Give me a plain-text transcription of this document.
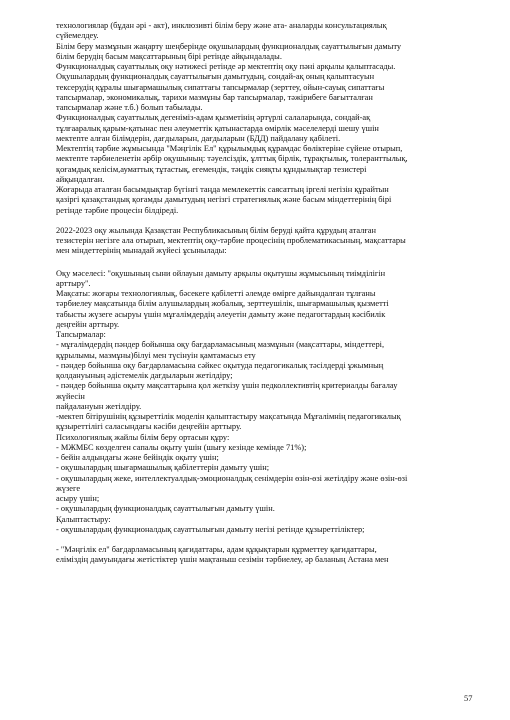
технологиялар (бұдан әрі - акт), инклюзивті білім беру және ата- аналарды консультациялық
сүйемелдеу.

Білім беру мазмұнын жаңарту шеңберінде оқушылардың функционалдық сауаттылығын дамыту
білім берудің басым мақсаттарының бірі ретінде айқындалады.

Функционалдық сауаттылық оқу нәтижесі ретінде әр мектептің оқу пәні арқылы қалыптасады.
Оқушылардың функционалдық сауаттылығын дамытудың, сондай-ақ оның қалыптасуын
тексерудің құралы шығармашылық сипаттағы тапсырмалар (зерттеу, ойын-сауық сипаттағы
тапсырмалар, экономикалық, тарихи мазмұны бар тапсырмалар, тәжірибеге бағытталған
тапсырмалар және т.б.) болып табылады.

Функционалдық сауаттылық дегеніміз-адам қызметінің әртүрлі салаларында, сондай-ақ
тұлғааралық қарым-қатынас пен әлеуметтік қатынастарда өмірлік мәселелерді шешу үшін
мектепте алған білімдерін, дағдыларын, дағдыларын (БДД) пайдалану қабілеті.

Мектептің тәрбие жұмысында "Мәңгілік Ел" құрылымдық құрамдас бөліктеріне сүйене отырып,
мектепте тәрбиеленетін әрбір оқушының: тәуелсіздік, ұлттық бірлік, тұрақтылық, толеранттылық,
қоғамдық келісім,ауматтық тұтастық, егемендік, тәңдік сияқты құндылықтар тезистері
айқындалған.

Жоғарыда аталған басымдықтар бүгінгі таңда мемлекеттік саясаттың іргелі негізін құрайтын
қазіргі қазақстандық қоғамды дамытудың негізгі стратегиялық және басым міндеттерінің бірі
ретінде тәрбие процесін білдіреді.

2022-2023 оқу жылында Қазақстан Республикасының білім беруді қайта құрудың аталған
тезистерін негізге ала отырып, мектептің оқу-тәрбие процесінің проблематикасының, мақсаттары
мен міндеттерінің мынадай жүйесі ұсынылады:

Оқу мәселесі: "оқушының сыни ойлауын дамыту арқылы оқытушы жұмысының тиімділігін
арттыру".

Мақсаты: жоғары технологиялық, бәсекеге қабілетті әлемде өмірге дайындалған тұлғаны
тәрбиелеу мақсатында білім алушылардың жобалық, зерттеушілік, шығармашылық қызметті
табысты жүзеге асыруы үшін мұғалімдердің әлеуетін дамыту және педагогтардың кәсібилік
деңгейін арттыру.

Тапсырмалар:

- мұғалімдердің пәндер бойынша оқу бағдарламасының мазмұнын (мақсаттары, міндеттері,
құрылымы, мазмұны)білуі мен түсінуін қамтамасыз ету

- пәндер бойынша оқу бағдарламасына сәйкес оқытуда педагогикалық тәсілдерді ұжымның
қолдануының әдістемелік дағдыларын жетілдіру;

- пәндер бойынша оқыту мақсаттарына қол жеткізу үшін педколлективтің критериалды бағалау
жүйесін
пайдалануын жетілдіру.

-мектеп бітірушінің құзыреттілік моделін қалыптастыру мақсатында Мұғалімнің педагогикалық
құзыреттілігі саласындағы кәсіби деңгейін арттыру.

Психологиялық жайлы білім беру ортасын құру:

- МЖМБС көзделген сапалы оқыту үшін (шығу кезінде кемінде 71%);

- бейін алдындағы және бейіндік оқыту үшін;

- оқушылардың шығармашылық қабілеттерін дамыту үшін;

- оқушылардың жеке, интеллектуалдық-эмоционалдық сенімдерін өзін-өзі жетілдіру және өзін-өзі
жүзеге
асыру үшін;

- оқушылардың функционалдық сауаттылығын дамыту үшін.

Қалыптастыру:

- оқушылардың функционалдық сауаттылығын дамыту негізі ретінде құзыреттіліктер;

- "Мәңгілік ел" бағдарламасының қағидаттары, адам құқықтарын құрметтеу қағидаттары,
елімiздің дамуындағы жетістіктер үшін мақтаныш сезімін тәрбиелеу, әр баланың Астана мен

57
